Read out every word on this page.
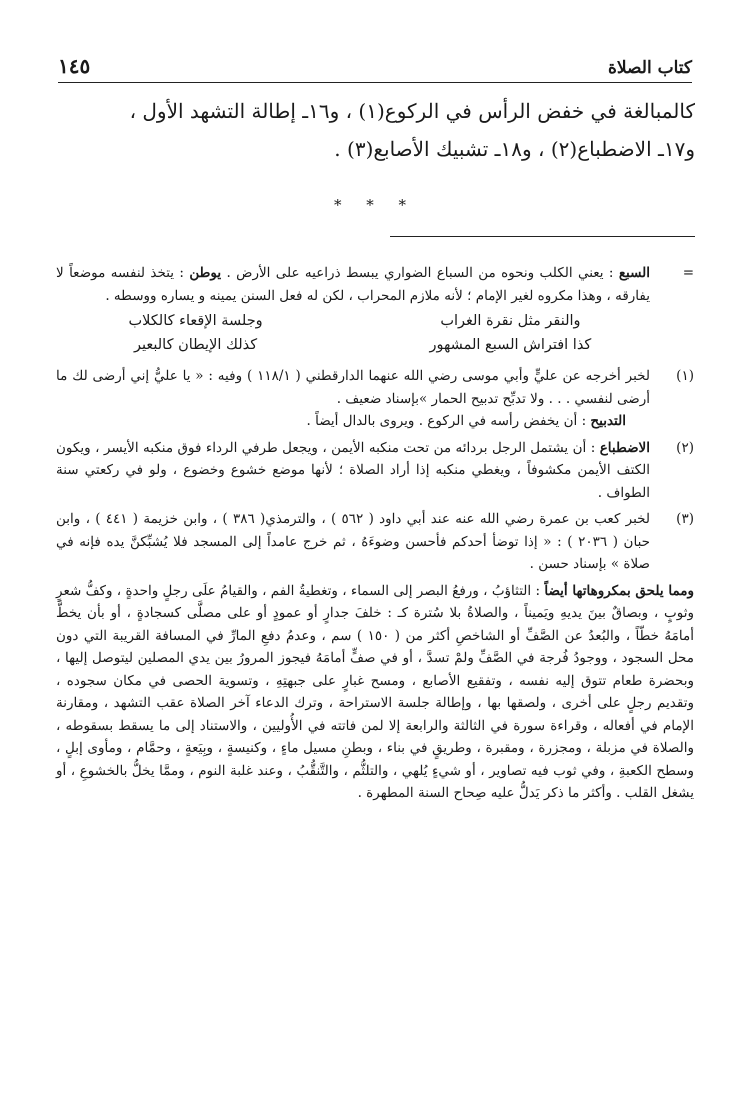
كتاب الصلاة
١٤٥
كالمبالغة في خفض الرأس في الركوع(١) ، و١٦ـ إطالة التشهد الأول ،
و١٧ـ الاضطباع(٢) ، و١٨ـ تشبيك الأصابع(٣) .
* * *
=

السبع : يعني الكلب ونحوه من السباع الضواري يبسط ذراعيه على الأرض . يوطن : يتخذ لنفسه موضعاً لا يفارقه ، وهذا مكروه لغير الإمام ؛ لأنه ملازم المحراب ، لكن له فعل السنن يمينه و يساره ووسطه .

والنقر مثل نقرة الغراب
وجلسة الإقعاء كالكلاب
كذا افتراش السبع المشهور
كذلك الإيطان كالبعير
(١)

لخبر أخرجه عن عليٍّ وأبي موسى رضي الله عنهما الدارقطني ( ١١٨/١ ) وفيه : « يا عليُّ إني أرضى لك ما أرضى لنفسي . . . ولا تدبِّح تدبيح الحمار »بإسناد ضعيف .

التدبيح : أن يخفض رأسه في الركوع . ويروى بالدال أيضاً .

(٢)

الاضطباع : أن يشتمل الرجل بردائه من تحت منكبه الأيمن ، ويجعل طرفي الرداء فوق منكبه الأيسر ، ويكون الكتف الأيمن مكشوفاً ، ويغطي منكبه إذا أراد الصلاة ؛ لأنها موضع خشوع وخضوع ، ولو في ركعتي سنة الطواف .

(٣)

لخبر كعب بن عمرة رضي الله عنه عند أبي داود ( ٥٦٢ ) ، والترمذي( ٣٨٦ ) ، وابن خزيمة ( ٤٤١ ) ، وابن حبان ( ٢٠٣٦ ) : « إذا توضأ أحدكم فأحسن وضوءَهُ ، ثم خرج عامداً إلى المسجد فلا يُشبِّكنَّ يده فإنه في صلاة » بإسناد حسن .

ومما يلحق بمكروهاتها أيضاً : التثاؤبُ ، ورفعُ البصر إلى السماء ، وتغطيةُ الفم ، والقيامُ علَى رجلٍ واحدةٍ ، وكفُّ شعرٍ وثوبٍ ، وبصاقٌ بينَ يديهِ ويَميناً ، والصلاةُ بلا سُترة كـ : خلفَ جدارٍ أو عمودٍ أو على مصلَّى كسجادةٍ ، أو بأن يخطَّ أمامَهُ خطّاً ، والبُعدُ عن الصَّفِّ أو الشاخصِ أكثر من ( ١٥٠ ) سم ، وعدمُ دفعِ المارِّ في المسافة القريبة التي دون محل السجود ، ووجودُ فُرجة في الصَّفِّ ولمْ تسدَّ ، أو في صفٍّ أمامَهُ فيجوز المرورُ بين يدي المصلين ليتوصل إليها ، وبحضرة طعام تتوق إليه نفسه ، وتفقيع الأصابع ، ومسح غبارٍ على جبهتِهِ ، وتسوية الحصى في مكان سجوده ، وتقديم رجلٍ على أخرى ، ولصقها بها ، وإطالة جلسة الاستراحة ، وترك الدعاء آخر الصلاة عقب التشهد ، ومقارنة الإمام في أفعاله ، وقراءة سورة في الثالثة والرابعة إلا لمن فاتته في الأُوليين ، والاستناد إلى ما يسقط بسقوطه ، والصلاة في مزبلة ، ومجزرة ، ومقبرة ، وطريقٍ في بناء ، وبطنِ مسيل ماءٍ ، وكنيسةٍ ، وبِيَعةٍ ، وحمَّام ، ومأوى إبلٍ ، وسطح الكعبةِ ، وفي ثوب فيه تصاوير ، أو شيءٍ يُلهي ، والتلثُّم ، والتَّنقُّبُ ، وعند غلبة النوم ، وممَّا يخلُّ بالخشوعِ ، أو يشغل القلب . وأكثر ما ذكر يَدلُّ عليه صِحاح السنة المطهرة .
